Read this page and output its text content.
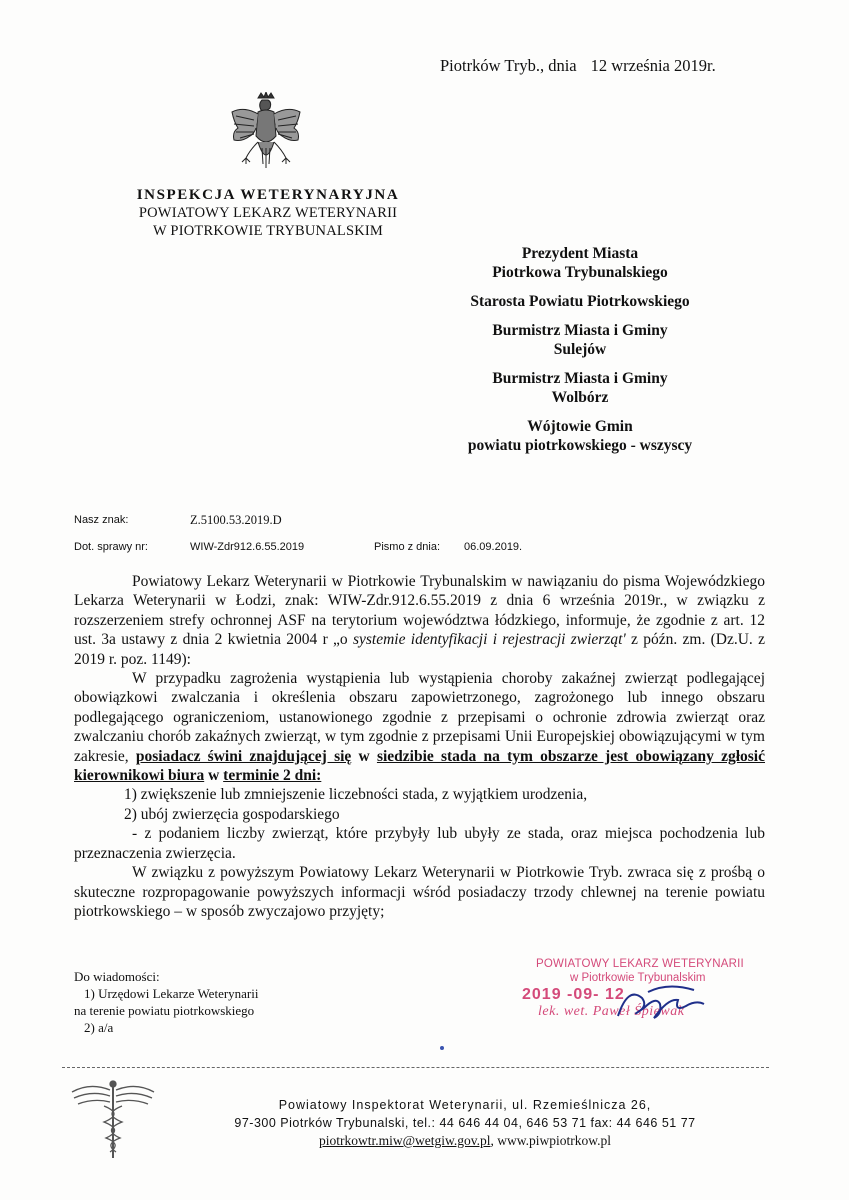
Piotrków Tryb., dnia 12 września 2019r.
INSPEKCJA WETERYNARYJNA
POWIATOWY LEKARZ WETERYNARII
W PIOTRKOWIE TRYBUNALSKIM
Prezydent Miasta
Piotrkowa Trybunalskiego
Starosta Powiatu Piotrkowskiego
Burmistrz Miasta i Gminy
Sulejów
Burmistrz Miasta i Gminy
Wolbórz
Wójtowie Gmin
powiatu piotrkowskiego - wszyscy
Nasz znak:	Z.5100.53.2019.D
Dot. sprawy nr:	WIW-Zdr912.6.55.2019	Pismo z dnia: 06.09.2019.

Powiatowy Lekarz Weterynarii w Piotrkowie Trybunalskim w nawiązaniu do pisma Wojewódzkiego Lekarza Weterynarii w Łodzi, znak: WIW-Zdr.912.6.55.2019 z dnia 6 września 2019r., w związku z rozszerzeniem strefy ochronnej ASF na terytorium województwa łódzkiego, informuje, że zgodnie z art. 12 ust. 3a ustawy z dnia 2 kwietnia 2004 r „o systemie identyfikacji i rejestracji zwierząt' z późn. zm. (Dz.U. z 2019 r. poz. 1149):

W przypadku zagrożenia wystąpienia lub wystąpienia choroby zakaźnej zwierząt podlegającej obowiązkowi zwalczania i określenia obszaru zapowietrzonego, zagrożonego lub innego obszaru podlegającego ograniczeniom, ustanowionego zgodnie z przepisami o ochronie zdrowia zwierząt oraz zwalczaniu chorób zakaźnych zwierząt, w tym zgodnie z przepisami Unii Europejskiej obowiązującymi w tym zakresie, posiadacz świni znajdującej się w siedzibie stada na tym obszarze jest obowiązany zgłosić kierownikowi biura w terminie 2 dni:

1) zwiększenie lub zmniejszenie liczebności stada, z wyjątkiem urodzenia,
2) ubój zwierzęcia gospodarskiego

- z podaniem liczby zwierząt, które przybyły lub ubyły ze stada, oraz miejsca pochodzenia lub przeznaczenia zwierzęcia.

W związku z powyższym Powiatowy Lekarz Weterynarii w Piotrkowie Tryb. zwraca się z prośbą o skuteczne rozpropagowanie powyższych informacji wśród posiadaczy trzody chlewnej na terenie powiatu piotrkowskiego – w sposób zwyczajowo przyjęty;

Do wiadomości:
1) Urzędowi Lekarze Weterynarii
na terenie powiatu piotrkowskiego
2) a/a
POWIATOWY LEKARZ WETERYNARII
w Piotrkowie Trybunalskim
2019 -09- 12
lek. wet. Paweł Śpiewak
Powiatowy Inspektorat Weterynarii, ul. Rzemieślnicza 26,
97-300 Piotrków Trybunalski, tel.: 44 646 44 04, 646 53 71 fax: 44 646 51 77
piotrkowtr.miw@wetgiw.gov.pl, www.piwpiotrkow.pl
